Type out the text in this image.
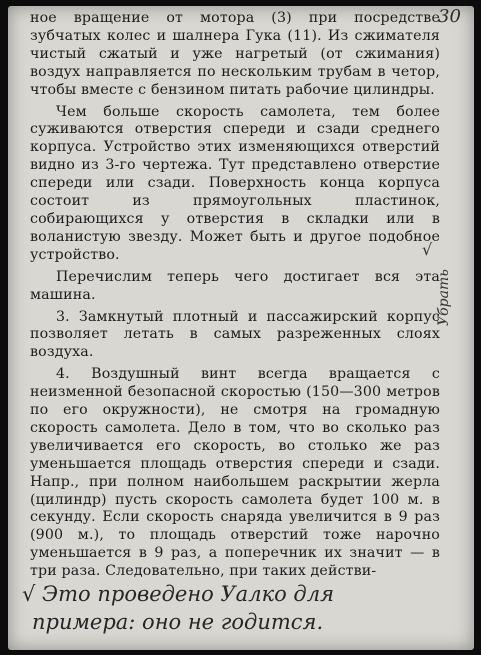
30

ное вращение от мотора (3) при посредстве зубчатых колес и шалнера Гука (11). Из сжимателя чистый сжатый и уже нагретый (от сжимания) воздух направляется по нескольким трубам в четор, чтобы вместе с бензином питать рабочие цилиндры.

Чем больше скорость самолета, тем более суживаются отверстия спереди и сзади среднего корпуса. Устройство этих изменяющихся отверстий видно из 3-го чертежа. Тут представлено отверстие спереди или сзади. Поверхность конца корпуса состоит из прямоугольных пластинок, собирающихся у отверстия в складки или в воланистую звезду. Может быть и другое подобное устройство.

Перечислим теперь чего достигает вся эта машина.

3. Замкнутый плотный и пассажирский корпус позволяет летать в самых разреженных слоях воздуха.

4. Воздушный винт всегда вращается с неизменной безопасной скоростью (150—300 метров по его окружности), не смотря на громадную скорость самолета. Дело в том, что во сколько раз увеличивается его скорость, во столько же раз уменьшается площадь отверстия спереди и сзади. Напр., при полном наибольшем раскрытии жерла (цилиндр) пусть скорость самолета будет 100 м. в секунду. Если скорость снаряда увеличится в 9 раз (900 м.), то площадь отверстий тоже нарочно уменьшается в 9 раз, а поперечник их значит — в три раза. Следовательно, при таких действи-

√
Убрать
√ Это проведено Уалко для
примера: оно не годится.
